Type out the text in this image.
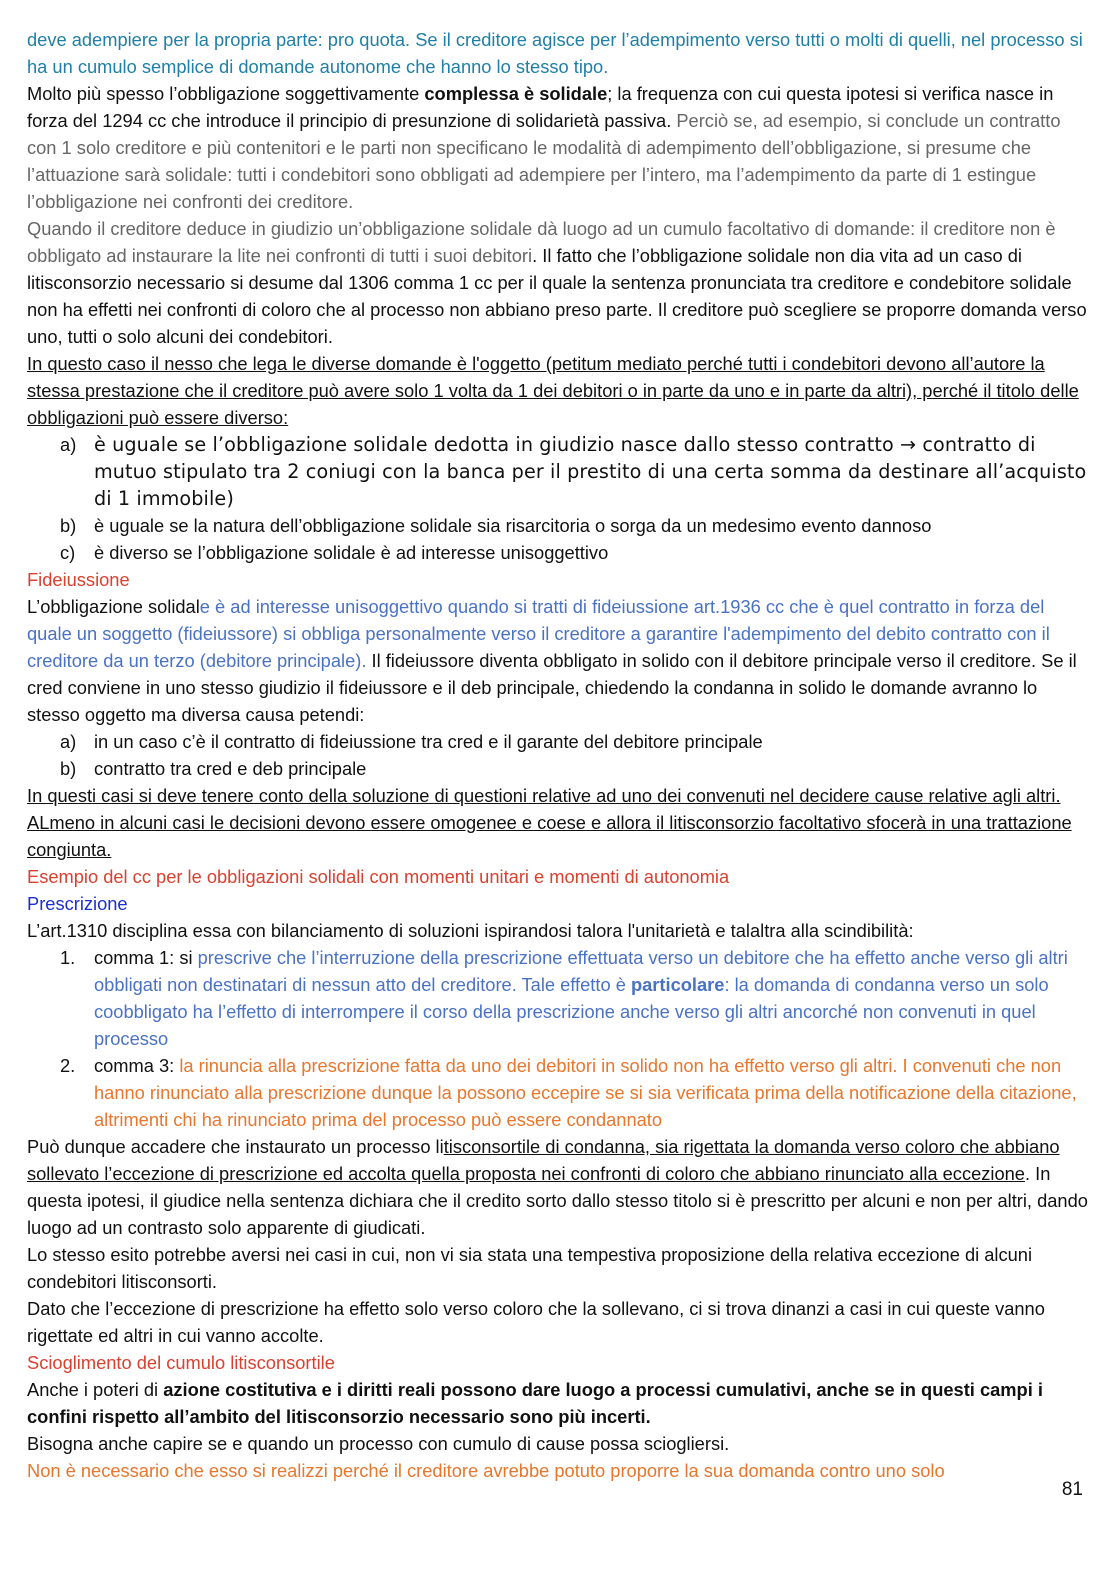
deve adempiere per la propria parte: pro quota. Se il creditore agisce per l’adempimento verso tutti o molti di quelli, nel processo si ha un cumulo semplice di domande autonome che hanno lo stesso tipo.

Molto più spesso l’obbligazione soggettivamente complessa è solidale; la frequenza con cui questa ipotesi si verifica nasce in forza del 1294 cc che introduce il principio di presunzione di solidarietà passiva. Perciò se, ad esempio, si conclude un contratto con 1 solo creditore e più contenitori e le parti non specificano le modalità di adempimento dell’obbligazione, si presume che l’attuazione sarà solidale: tutti i condebitori sono obbligati ad adempiere per l’intero, ma l’adempimento da parte di 1 estingue l’obbligazione nei confronti dei creditore.

Quando il creditore deduce in giudizio un’obbligazione solidale dà luogo ad un cumulo facoltativo di domande: il creditore non è obbligato ad instaurare la lite nei confronti di tutti i suoi debitori. Il fatto che l’obbligazione solidale non dia vita ad un caso di litisconsorzio necessario si desume dal 1306 comma 1 cc per il quale la sentenza pronunciata tra creditore e condebitore solidale non ha effetti nei confronti di coloro che al processo non abbiano preso parte. Il creditore può scegliere se proporre domanda verso uno, tutti o solo alcuni dei condebitori.

In questo caso il nesso che lega le diverse domande è l'oggetto (petitum mediato perché tutti i condebitori devono all’autore la stessa prestazione che il creditore può avere solo 1 volta da 1 dei debitori o in parte da uno e in parte da altri), perché il titolo delle obbligazioni può essere diverso:

a) è uguale se l’obbligazione solidale dedotta in giudizio nasce dallo stesso contratto → contratto di mutuo stipulato tra 2 coniugi con la banca per il prestito di una certa somma da destinare all’acquisto di 1 immobile)
b) è uguale se la natura dell’obbligazione solidale sia risarcitoria o sorga da un medesimo evento dannoso
c) è diverso se l’obbligazione solidale è ad interesse unisoggettivo

Fideiussione

L’obbligazione solidale è ad interesse unisoggettivo quando si tratti di fideiussione art.1936 cc che è quel contratto in forza del quale un soggetto (fideiussore) si obbliga personalmente verso il creditore a garantire l'adempimento del debito contratto con il creditore da un terzo (debitore principale). Il fideiussore diventa obbligato in solido con il debitore principale verso il creditore. Se il cred conviene in uno stesso giudizio il fideiussore e il deb principale, chiedendo la condanna in solido le domande avranno lo stesso oggetto ma diversa causa petendi:

a) in un caso c’è il contratto di fideiussione tra cred e il garante del debitore principale
b) contratto tra cred e deb principale

In questi casi si deve tenere conto della soluzione di questioni relative ad uno dei convenuti nel decidere cause relative agli altri. ALmeno in alcuni casi le decisioni devono essere omogenee e coese e allora il litisconsorzio facoltativo sfocerà in una trattazione congiunta.

Esempio del cc per le obbligazioni solidali con momenti unitari e momenti di autonomia

Prescrizione

L’art.1310 disciplina essa con bilanciamento di soluzioni ispirandosi talora l'unitarietà e talaltra alla scindibilità:

1. comma 1: si prescrive che l’interruzione della prescrizione effettuata verso un debitore che ha effetto anche verso gli altri obbligati non destinatari di nessun atto del creditore. Tale effetto è particolare: la domanda di condanna verso un solo coobbligato ha l’effetto di interrompere il corso della prescrizione anche verso gli altri ancorché non convenuti in quel processo
2. comma 3: la rinuncia alla prescrizione fatta da uno dei debitori in solido non ha effetto verso gli altri. I convenuti che non hanno rinunciato alla prescrizione dunque la possono eccepire se si sia verificata prima della notificazione della citazione, altrimenti chi ha rinunciato prima del processo può essere condannato

Può dunque accadere che instaurato un processo litisconsortile di condanna, sia rigettata la domanda verso coloro che abbiano sollevato l’eccezione di prescrizione ed accolta quella proposta nei confronti di coloro che abbiano rinunciato alla eccezione. In questa ipotesi, il giudice nella sentenza dichiara che il credito sorto dallo stesso titolo si è prescritto per alcuni e non per altri, dando luogo ad un contrasto solo apparente di giudicati.

Lo stesso esito potrebbe aversi nei casi in cui, non vi sia stata una tempestiva proposizione della relativa eccezione di alcuni condebitori litisconsorti.

Dato che l’eccezione di prescrizione ha effetto solo verso coloro che la sollevano, ci si trova dinanzi a casi in cui queste vanno rigettate ed altri in cui vanno accolte.

Scioglimento del cumulo litisconsortile

Anche i poteri di azione costitutiva e i diritti reali possono dare luogo a processi cumulativi, anche se in questi campi i confini rispetto all’ambito del litisconsorzio necessario sono più incerti.

Bisogna anche capire se e quando un processo con cumulo di cause possa sciogliersi.

Non è necessario che esso si realizzi perché il creditore avrebbe potuto proporre la sua domanda contro uno solo

81
